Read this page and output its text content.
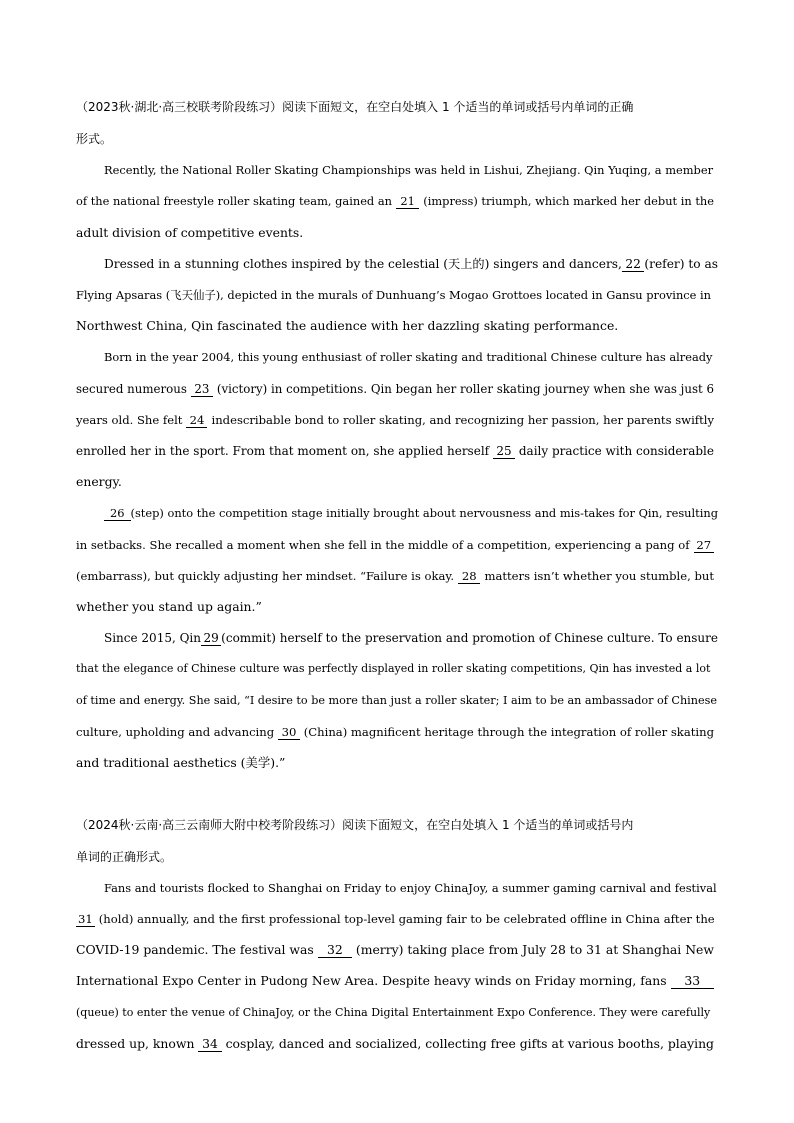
（2023秋·湖北·高三校联考阶段练习）阅读下面短文，在空白处填入 1 个适当的单词或括号内单词的正确
形式。
Recently, the National Roller Skating Championships was held in Lishui, Zhejiang. Qin Yuqing, a member
of the national freestyle roller skating team, gained an 21 (impress) triumph, which marked her debut in the
adult division of competitive events.
Dressed in a stunning clothes inspired by the celestial (天上的) singers and dancers, 22 (refer) to as
Flying Apsaras (飞天仙子), depicted in the murals of Dunhuang’s Mogao Grottoes located in Gansu province in
Northwest China, Qin fascinated the audience with her dazzling skating performance.
Born in the year 2004, this young enthusiast of roller skating and traditional Chinese culture has already
secured numerous 23 (victory) in competitions. Qin began her roller skating journey when she was just 6
years old. She felt 24 indescribable bond to roller skating, and recognizing her passion, her parents swiftly
enrolled her in the sport. From that moment on, she applied herself 25 daily practice with considerable
energy.
26 (step) onto the competition stage initially brought about nervousness and mis-takes for Qin, resulting
in setbacks. She recalled a moment when she fell in the middle of a competition, experiencing a pang of 27
(embarrass), but quickly adjusting her mindset. “Failure is okay. 28 matters isn’t whether you stumble, but
whether you stand up again.”
Since 2015, Qin 29 (commit) herself to the preservation and promotion of Chinese culture. To ensure
that the elegance of Chinese culture was perfectly displayed in roller skating competitions, Qin has invested a lot
of time and energy. She said, “I desire to be more than just a roller skater; I aim to be an ambassador of Chinese
culture, upholding and advancing 30 (China) magnificent heritage through the integration of roller skating
and traditional aesthetics (美学).”
（2024秋·云南·高三云南师大附中校考阶段练习）阅读下面短文，在空白处填入 1 个适当的单词或括号内
单词的正确形式。
Fans and tourists flocked to Shanghai on Friday to enjoy ChinaJoy, a summer gaming carnival and festival
31 (hold) annually, and the first professional top-level gaming fair to be celebrated offline in China after the
COVID-19 pandemic. The festival was	32	(merry) taking place from July 28 to 31 at Shanghai New
International Expo Center in Pudong New Area. Despite heavy winds on Friday morning, fans	33
(queue) to enter the venue of ChinaJoy, or the China Digital Entertainment Expo Conference. They were carefully
dressed up, known 34 cosplay, danced and socialized, collecting free gifts at various booths, playing
